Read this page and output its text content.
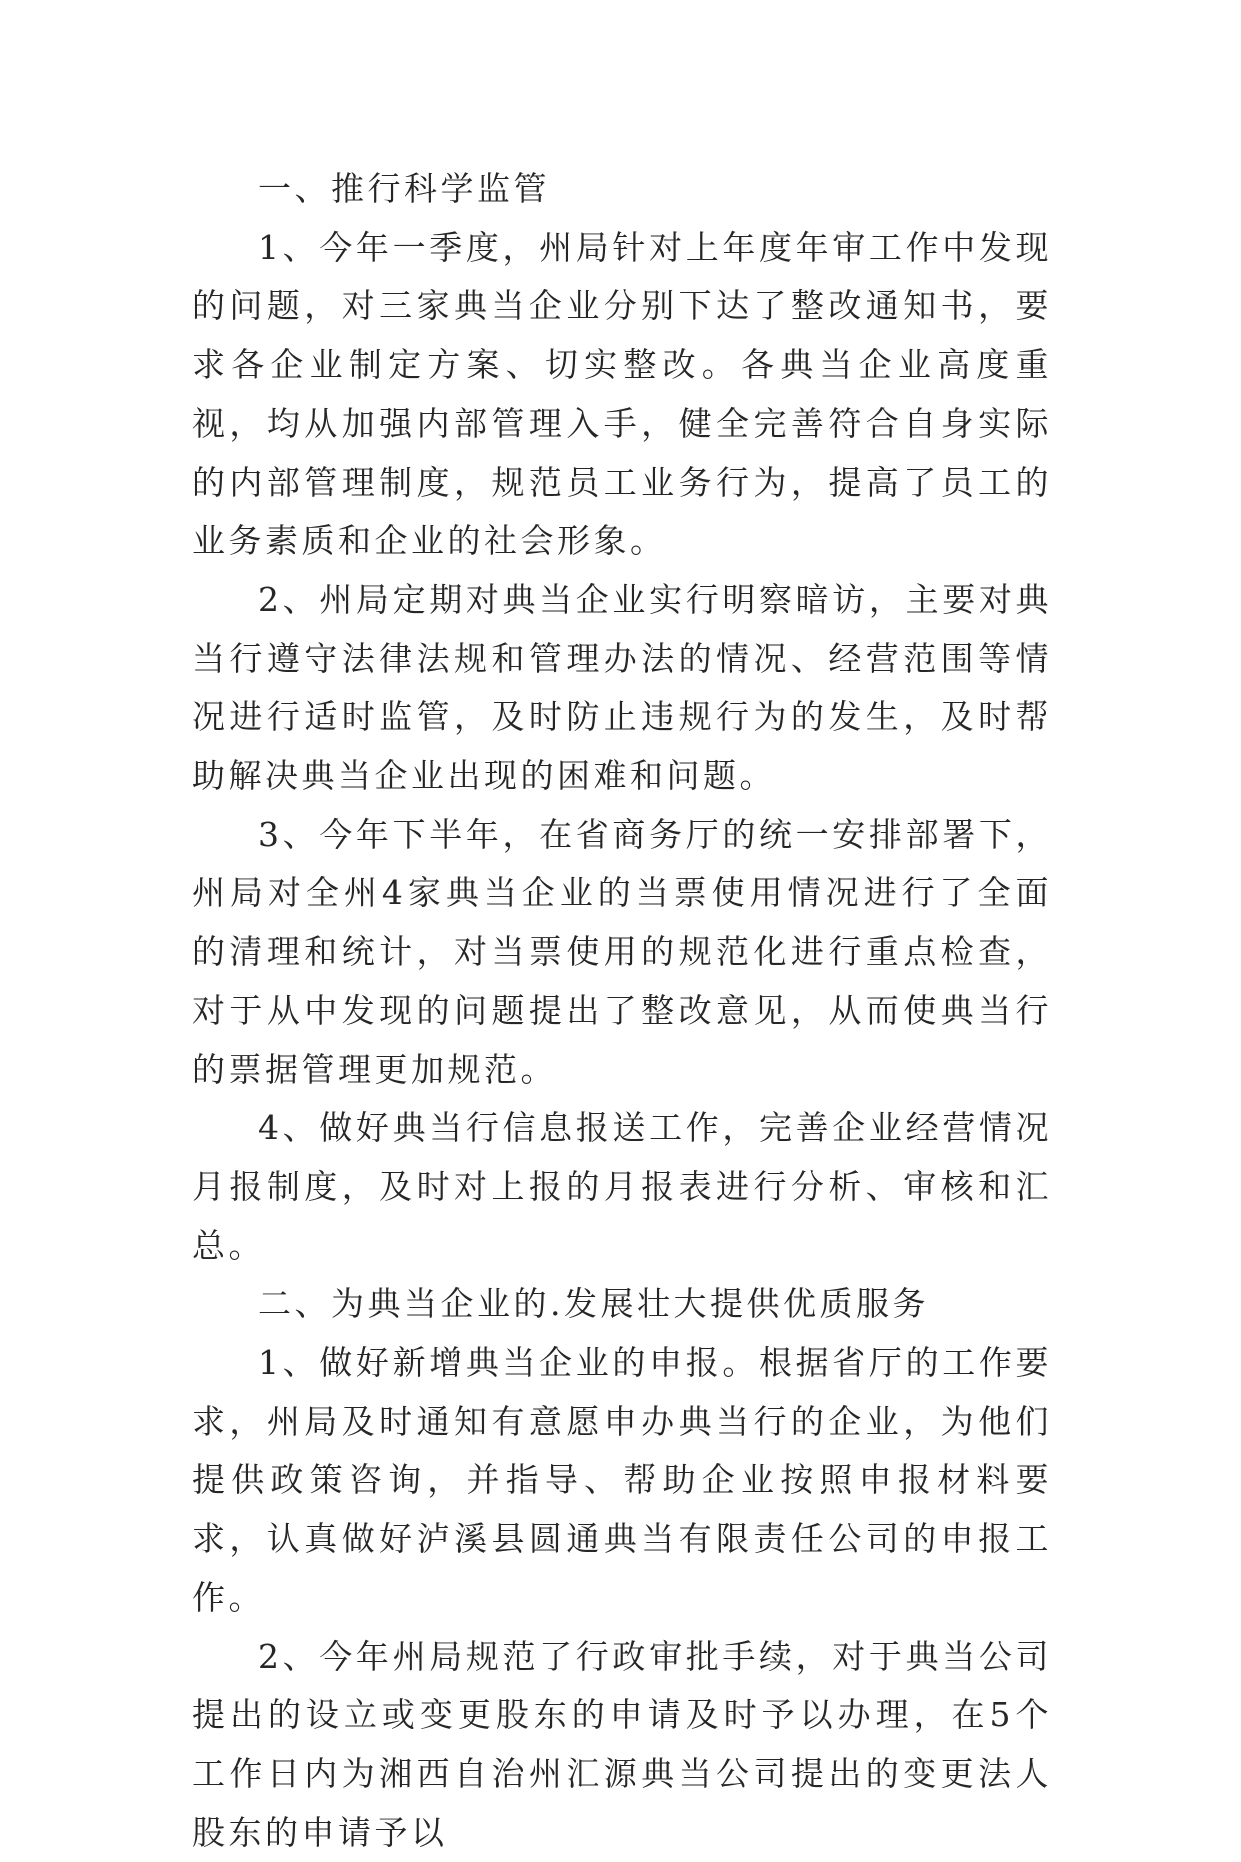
一、推行科学监管

1、今年一季度，州局针对上年度年审工作中发现的问题，对三家典当企业分别下达了整改通知书，要求各企业制定方案、切实整改。各典当企业高度重视，均从加强内部管理入手，健全完善符合自身实际的内部管理制度，规范员工业务行为，提高了员工的业务素质和企业的社会形象。

2、州局定期对典当企业实行明察暗访，主要对典当行遵守法律法规和管理办法的情况、经营范围等情况进行适时监管，及时防止违规行为的发生，及时帮助解决典当企业出现的困难和问题。

3、今年下半年，在省商务厅的统一安排部署下，州局对全州4家典当企业的当票使用情况进行了全面的清理和统计，对当票使用的规范化进行重点检查，对于从中发现的问题提出了整改意见，从而使典当行的票据管理更加规范。

4、做好典当行信息报送工作，完善企业经营情况月报制度，及时对上报的月报表进行分析、审核和汇总。

二、为典当企业的.发展壮大提供优质服务

1、做好新增典当企业的申报。根据省厅的工作要求，州局及时通知有意愿申办典当行的企业，为他们提供政策咨询，并指导、帮助企业按照申报材料要求，认真做好泸溪县圆通典当有限责任公司的申报工作。

2、今年州局规范了行政审批手续，对于典当公司提出的设立或变更股东的申请及时予以办理，在5个工作日内为湘西自治州汇源典当公司提出的变更法人股东的申请予以
